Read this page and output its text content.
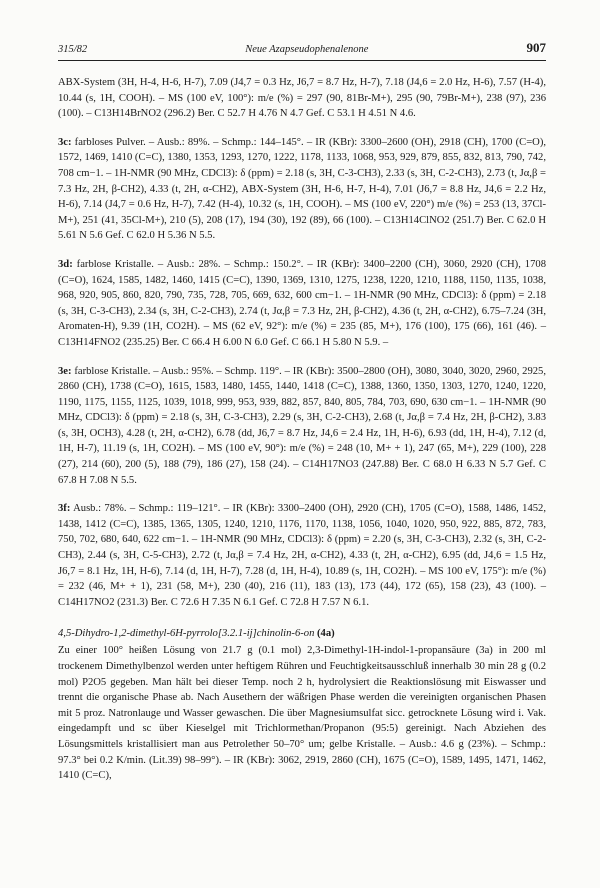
315/82	Neue Azapseudophenalenone	907

ABX-System (3H, H-4, H-6, H-7), 7.09 (J4,7 = 0.3 Hz, J6,7 = 8.7 Hz, H-7), 7.18 (J4,6 = 2.0 Hz, H-6), 7.57 (H-4), 10.44 (s, 1H, COOH). – MS (100 eV, 100°): m/e (%) = 297 (90, 81Br-M+), 295 (90, 79Br-M+), 238 (97), 236 (100). – C13H14BrNO2 (296.2) Ber. C 52.7 H 4.76 N 4.7 Gef. C 53.1 H 4.51 N 4.6.

3c: farbloses Pulver. – Ausb.: 89%. – Schmp.: 144–145°. – IR (KBr): 3300–2600 (OH), 2918 (CH), 1700 (C=O), 1572, 1469, 1410 (C=C), 1380, 1353, 1293, 1270, 1222, 1178, 1133, 1068, 953, 929, 879, 855, 832, 813, 790, 742, 708 cm−1. – 1H-NMR (90 MHz, CDCl3): δ (ppm) = 2.18 (s, 3H, C-3-CH3), 2.33 (s, 3H, C-2-CH3), 2.73 (t, Jα,β = 7.3 Hz, 2H, β-CH2), 4.33 (t, 2H, α-CH2), ABX-System (3H, H-6, H-7, H-4), 7.01 (J6,7 = 8.8 Hz, J4,6 = 2.2 Hz, H-6), 7.14 (J4,7 = 0.6 Hz, H-7), 7.42 (H-4), 10.32 (s, 1H, COOH). – MS (100 eV, 220°) m/e (%) = 253 (13, 37Cl-M+), 251 (41, 35Cl-M+), 210 (5), 208 (17), 194 (30), 192 (89), 66 (100). – C13H14ClNO2 (251.7) Ber. C 62.0 H 5.61 N 5.6 Gef. C 62.0 H 5.36 N 5.5.

3d: farblose Kristalle. – Ausb.: 28%. – Schmp.: 150.2°. – IR (KBr): 3400–2200 (CH), 3060, 2920 (CH), 1708 (C=O), 1624, 1585, 1482, 1460, 1415 (C=C), 1390, 1369, 1310, 1275, 1238, 1220, 1210, 1188, 1150, 1135, 1038, 968, 920, 905, 860, 820, 790, 735, 728, 705, 669, 632, 600 cm−1. – 1H-NMR (90 MHz, CDCl3): δ (ppm) = 2.18 (s, 3H, C-3-CH3), 2.34 (s, 3H, C-2-CH3), 2.74 (t, Jα,β = 7.3 Hz, 2H, β-CH2), 4.36 (t, 2H, α-CH2), 6.75–7.24 (3H, Aromaten-H), 9.39 (1H, CO2H). – MS (62 eV, 92°): m/e (%) = 235 (85, M+), 176 (100), 175 (66), 161 (46). – C13H14FNO2 (235.25) Ber. C 66.4 H 6.00 N 6.0 Gef. C 66.1 H 5.80 N 5.9. –

3e: farblose Kristalle. – Ausb.: 95%. – Schmp. 119°. – IR (KBr): 3500–2800 (OH), 3080, 3040, 3020, 2960, 2925, 2860 (CH), 1738 (C=O), 1615, 1583, 1480, 1455, 1440, 1418 (C=C), 1388, 1360, 1350, 1303, 1270, 1240, 1220, 1190, 1175, 1155, 1125, 1039, 1018, 999, 953, 939, 882, 857, 840, 805, 784, 703, 690, 630 cm−1. – 1H-NMR (90 MHz, CDCl3): δ (ppm) = 2.18 (s, 3H, C-3-CH3), 2.29 (s, 3H, C-2-CH3), 2.68 (t, Jα,β = 7.4 Hz, 2H, β-CH2), 3.83 (s, 3H, OCH3), 4.28 (t, 2H, α-CH2), 6.78 (dd, J6,7 = 8.7 Hz, J4,6 = 2.4 Hz, 1H, H-6), 6.93 (dd, 1H, H-4), 7.12 (d, 1H, H-7), 11.19 (s, 1H, CO2H). – MS (100 eV, 90°): m/e (%) = 248 (10, M+ + 1), 247 (65, M+), 229 (100), 228 (27), 214 (60), 200 (5), 188 (79), 186 (27), 158 (24). – C14H17NO3 (247.88) Ber. C 68.0 H 6.33 N 5.7 Gef. C 67.8 H 7.08 N 5.5.

3f: Ausb.: 78%. – Schmp.: 119–121°. – IR (KBr): 3300–2400 (OH), 2920 (CH), 1705 (C=O), 1588, 1486, 1452, 1438, 1412 (C=C), 1385, 1365, 1305, 1240, 1210, 1176, 1170, 1138, 1056, 1040, 1020, 950, 922, 885, 872, 783, 750, 702, 680, 640, 622 cm−1. – 1H-NMR (90 MHz, CDCl3): δ (ppm) = 2.20 (s, 3H, C-3-CH3), 2.32 (s, 3H, C-2-CH3), 2.44 (s, 3H, C-5-CH3), 2.72 (t, Jα,β = 7.4 Hz, 2H, α-CH2), 4.33 (t, 2H, α-CH2), 6.95 (dd, J4,6 = 1.5 Hz, J6,7 = 8.1 Hz, 1H, H-6), 7.14 (d, 1H, H-7), 7.28 (d, 1H, H-4), 10.89 (s, 1H, CO2H). – MS 100 eV, 175°): m/e (%) = 232 (46, M+ + 1), 231 (58, M+), 230 (40), 216 (11), 183 (13), 173 (44), 172 (65), 158 (23), 43 (100). – C14H17NO2 (231.3) Ber. C 72.6 H 7.35 N 6.1 Gef. C 72.8 H 7.57 N 6.1.

4,5-Dihydro-1,2-dimethyl-6H-pyrrolo[3.2.1-ij]chinolin-6-on (4a)

Zu einer 100° heißen Lösung von 21.7 g (0.1 mol) 2,3-Dimethyl-1H-indol-1-propansäure (3a) in 200 ml trockenem Dimethylbenzol werden unter heftigem Rühren und Feuchtigkeitsausschluß innerhalb 30 min 28 g (0.2 mol) P2O5 gegeben. Man hält bei dieser Temp. noch 2 h, hydrolysiert die Reaktionslösung mit Eiswasser und trennt die organische Phase ab. Nach Ausethern der wäßrigen Phase werden die vereinigten organischen Phasen mit 5 proz. Natronlauge und Wasser gewaschen. Die über Magnesiumsulfat sicc. getrocknete Lösung wird i. Vak. eingedampft und sc über Kieselgel mit Trichlormethan/Propanon (95:5) gereinigt. Nach Abziehen des Lösungsmittels kristallisiert man aus Petrolether 50–70° um; gelbe Kristalle. – Ausb.: 4.6 g (23%). – Schmp.: 97.3° bei 0.2 K/min. (Lit.39) 98–99°). – IR (KBr): 3062, 2919, 2860 (CH), 1675 (C=O), 1589, 1495, 1471, 1462, 1410 (C=C),
